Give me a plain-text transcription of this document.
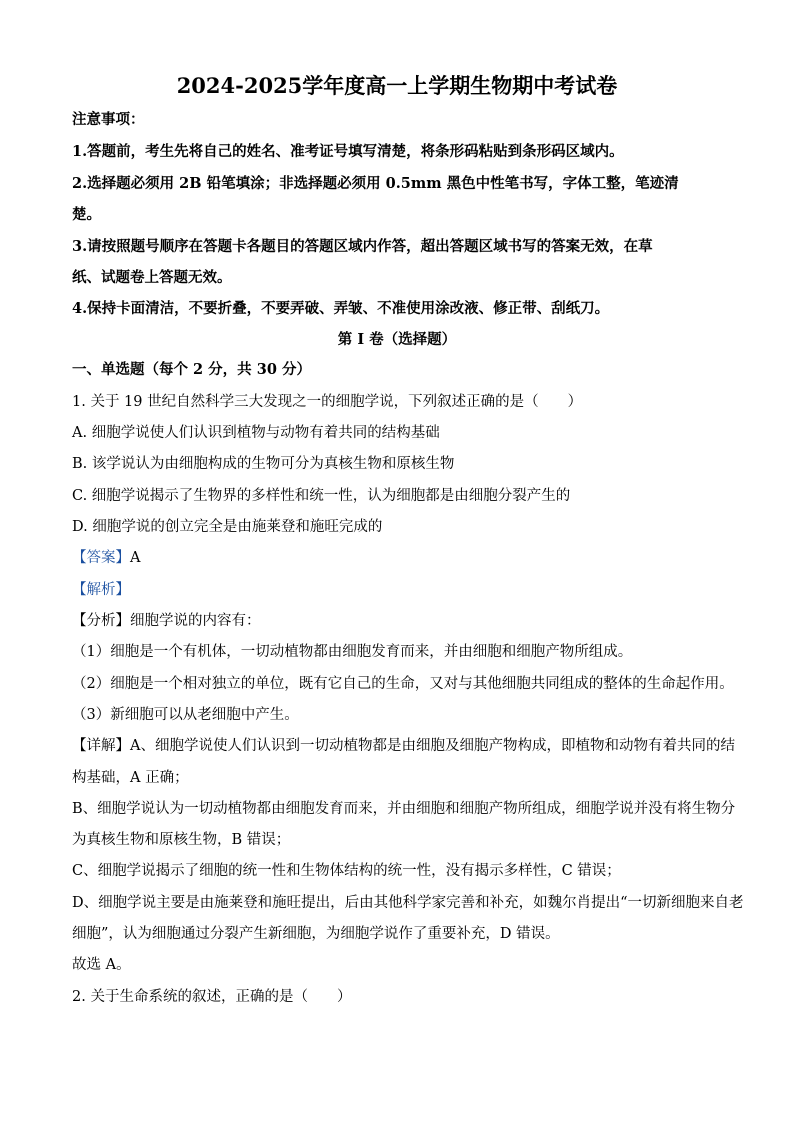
2024-2025学年度高一上学期生物期中考试卷
注意事项：
1.答题前，考生先将自己的姓名、准考证号填写清楚，将条形码粘贴到条形码区域内。
2.选择题必须用 2B 铅笔填涂；非选择题必须用 0.5mm 黑色中性笔书写，字体工整，笔迹清
楚。
3.请按照题号顺序在答题卡各题目的答题区域内作答，超出答题区域书写的答案无效，在草
纸、试题卷上答题无效。
4.保持卡面清洁，不要折叠，不要弄破、弄皱、不准使用涂改液、修正带、刮纸刀。
第 I 卷（选择题）
一、单选题（每个 2 分，共 30 分）
1. 关于 19 世纪自然科学三大发现之一的细胞学说，下列叙述正确的是（　　）
A. 细胞学说使人们认识到植物与动物有着共同的结构基础
B. 该学说认为由细胞构成的生物可分为真核生物和原核生物
C. 细胞学说揭示了生物界的多样性和统一性，认为细胞都是由细胞分裂产生的
D. 细胞学说的创立完全是由施莱登和施旺完成的
【答案】A
【解析】
【分析】细胞学说的内容有：
（1）细胞是一个有机体，一切动植物都由细胞发育而来，并由细胞和细胞产物所组成。
（2）细胞是一个相对独立的单位，既有它自己的生命，又对与其他细胞共同组成的整体的生命起作用。
（3）新细胞可以从老细胞中产生。
【详解】A、细胞学说使人们认识到一切动植物都是由细胞及细胞产物构成，即植物和动物有着共同的结
构基础，A 正确；
B、细胞学说认为一切动植物都由细胞发育而来，并由细胞和细胞产物所组成，细胞学说并没有将生物分
为真核生物和原核生物，B 错误；
C、细胞学说揭示了细胞的统一性和生物体结构的统一性，没有揭示多样性，C 错误；
D、细胞学说主要是由施莱登和施旺提出，后由其他科学家完善和补充，如魏尔肖提出“一切新细胞来自老
细胞”，认为细胞通过分裂产生新细胞，为细胞学说作了重要补充，D 错误。
故选 A。
2. 关于生命系统的叙述，正确的是（　　）
